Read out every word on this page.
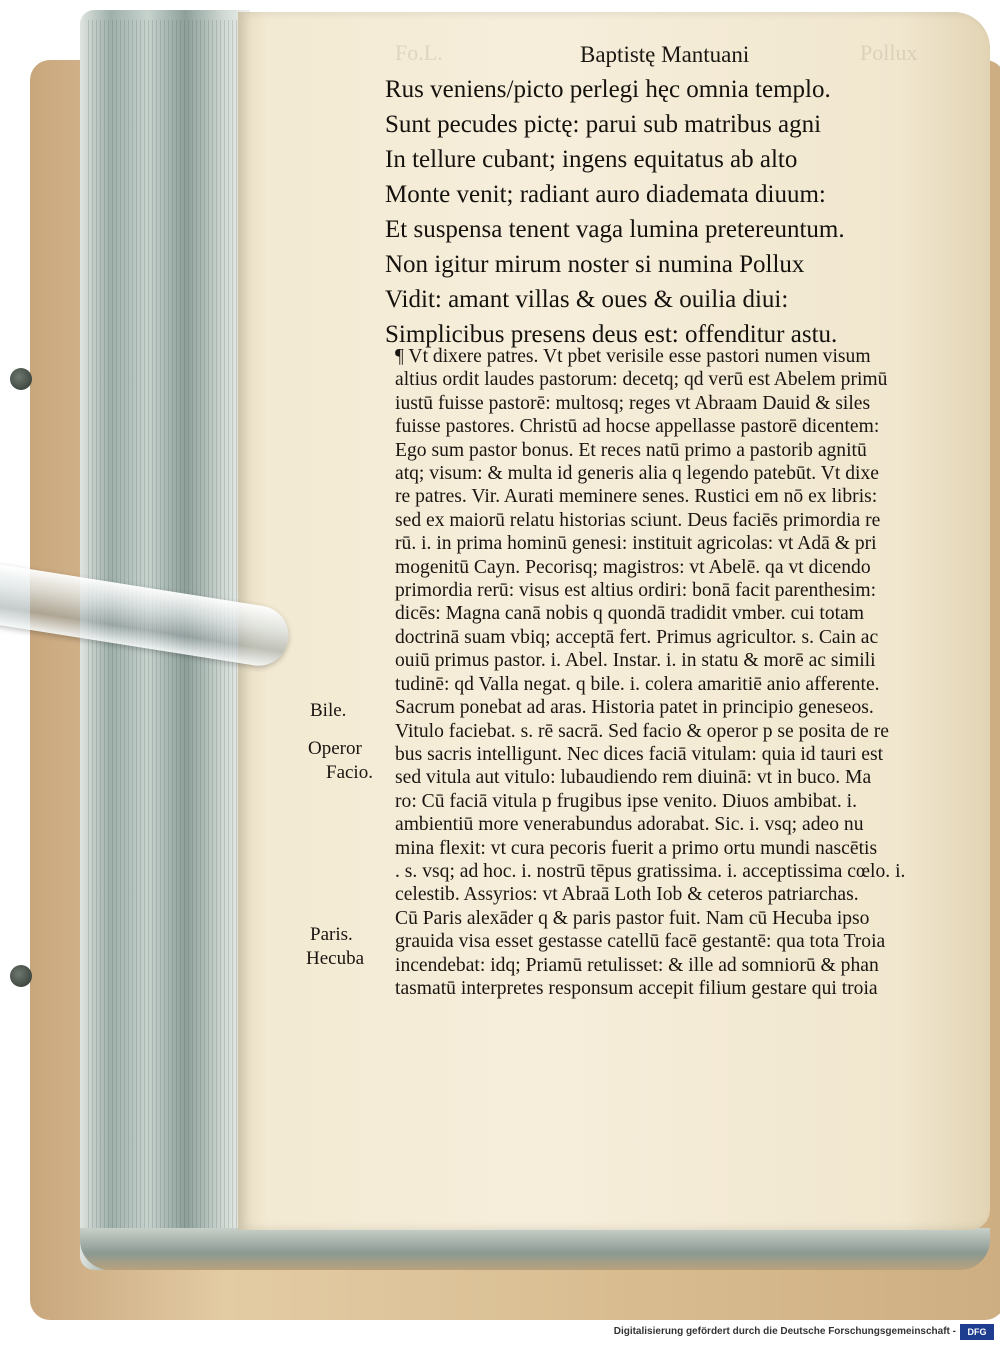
Fo.L.	Pollux
Baptistę Mantuani
Rus veniens/picto perlegi hęc omnia templo.
Sunt pecudes pictę: parui sub matribus agni
In tellure cubant; ingens equitatus ab alto
Monte venit; radiant auro diademata diuum:
Et suspensa tenent vaga lumina pretereuntum.
Non igitur mirum noster si numina Pollux
Vidit: amant villas & oues & ouilia diui:
Simplicibus presens deus est: offenditur astu.
¶ Vt dixere patres. Vt pbet verisile esse pastori numen visum
altius ordit laudes pastorum: decetq; qd verū est Abelem primū
iustū fuisse pastorē: multosq; reges vt Abraam Dauid & siles
fuisse pastores. Christū ad hocse appellasse pastorē dicentem:
Ego sum pastor bonus. Et reces natū primo a pastorib agnitū
atq; visum: & multa id generis alia q legendo patebūt. Vt dixe
re patres. Vir. Aurati meminere senes. Rustici em nō ex libris:
sed ex maiorū relatu historias sciunt. Deus faciēs primordia re
rū. i. in prima hominū genesi: instituit agricolas: vt Adā & pri
mogenitū Cayn. Pecorisq; magistros: vt Abelē. qa vt dicendo
primordia rerū: visus est altius ordiri: bonā facit parenthesim:
dicēs: Magna canā nobis q quondā tradidit vmber. cui totam
doctrinā suam vbiq; acceptā fert. Primus agricultor. s. Cain ac
ouiū primus pastor. i. Abel. Instar. i. in statu & morē ac simili
tudinē: qd Valla negat. q bile. i. colera amaritiē anio afferente.
Sacrum ponebat ad aras. Historia patet in principio geneseos.
Vitulo faciebat. s. rē sacrā. Sed facio & operor p se posita de re
bus sacris intelligunt. Nec dices faciā vitulam: quia id tauri est
sed vitula aut vitulo: lubaudiendo rem diuinā: vt in buco. Ma
ro: Cū faciā vitula p frugibus ipse venito. Diuos ambibat. i.
ambientiū more venerabundus adorabat. Sic. i. vsq; adeo nu
mina flexit: vt cura pecoris fuerit a primo ortu mundi nascētis
. s. vsq; ad hoc. i. nostrū tēpus gratissima. i. acceptissima cœlo. i.
celestib. Assyrios: vt Abraā Loth Iob & ceteros patriarchas.
Cū Paris alexāder q & paris pastor fuit. Nam cū Hecuba ipso
grauida visa esset gestasse catellū facē gestantē: qua tota Troia
incendebat: idq; Priamū retulisset: & ille ad somniorū & phan
tasmatū interpretes responsum accepit filium gestare qui troia
Bile.
Operor
Facio.
Paris.
Hecuba
Digitalisierung gefördert durch die Deutsche Forschungsgemeinschaft -	DFG
